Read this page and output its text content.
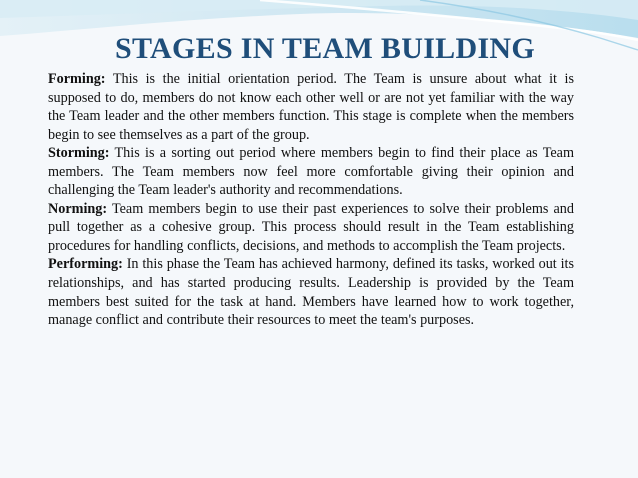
STAGES IN TEAM BUILDING

Forming: This is the initial orientation period. The Team is unsure about what it is supposed to do, members do not know each other well or are not yet familiar with the way the Team leader and the other members function. This stage is complete when the members begin to see themselves as a part of the group.

Storming: This is a sorting out period where members begin to find their place as Team members. The Team members now feel more comfortable giving their opinion and challenging the Team leader's authority and recommendations.

Norming: Team members begin to use their past experiences to solve their problems and pull together as a cohesive group. This process should result in the Team establishing procedures for handling conflicts, decisions, and methods to accomplish the Team projects.

Performing: In this phase the Team has achieved harmony, defined its tasks, worked out its relationships, and has started producing results. Leadership is provided by the Team members best suited for the task at hand. Members have learned how to work together, manage conflict and contribute their resources to meet the team's purposes.
